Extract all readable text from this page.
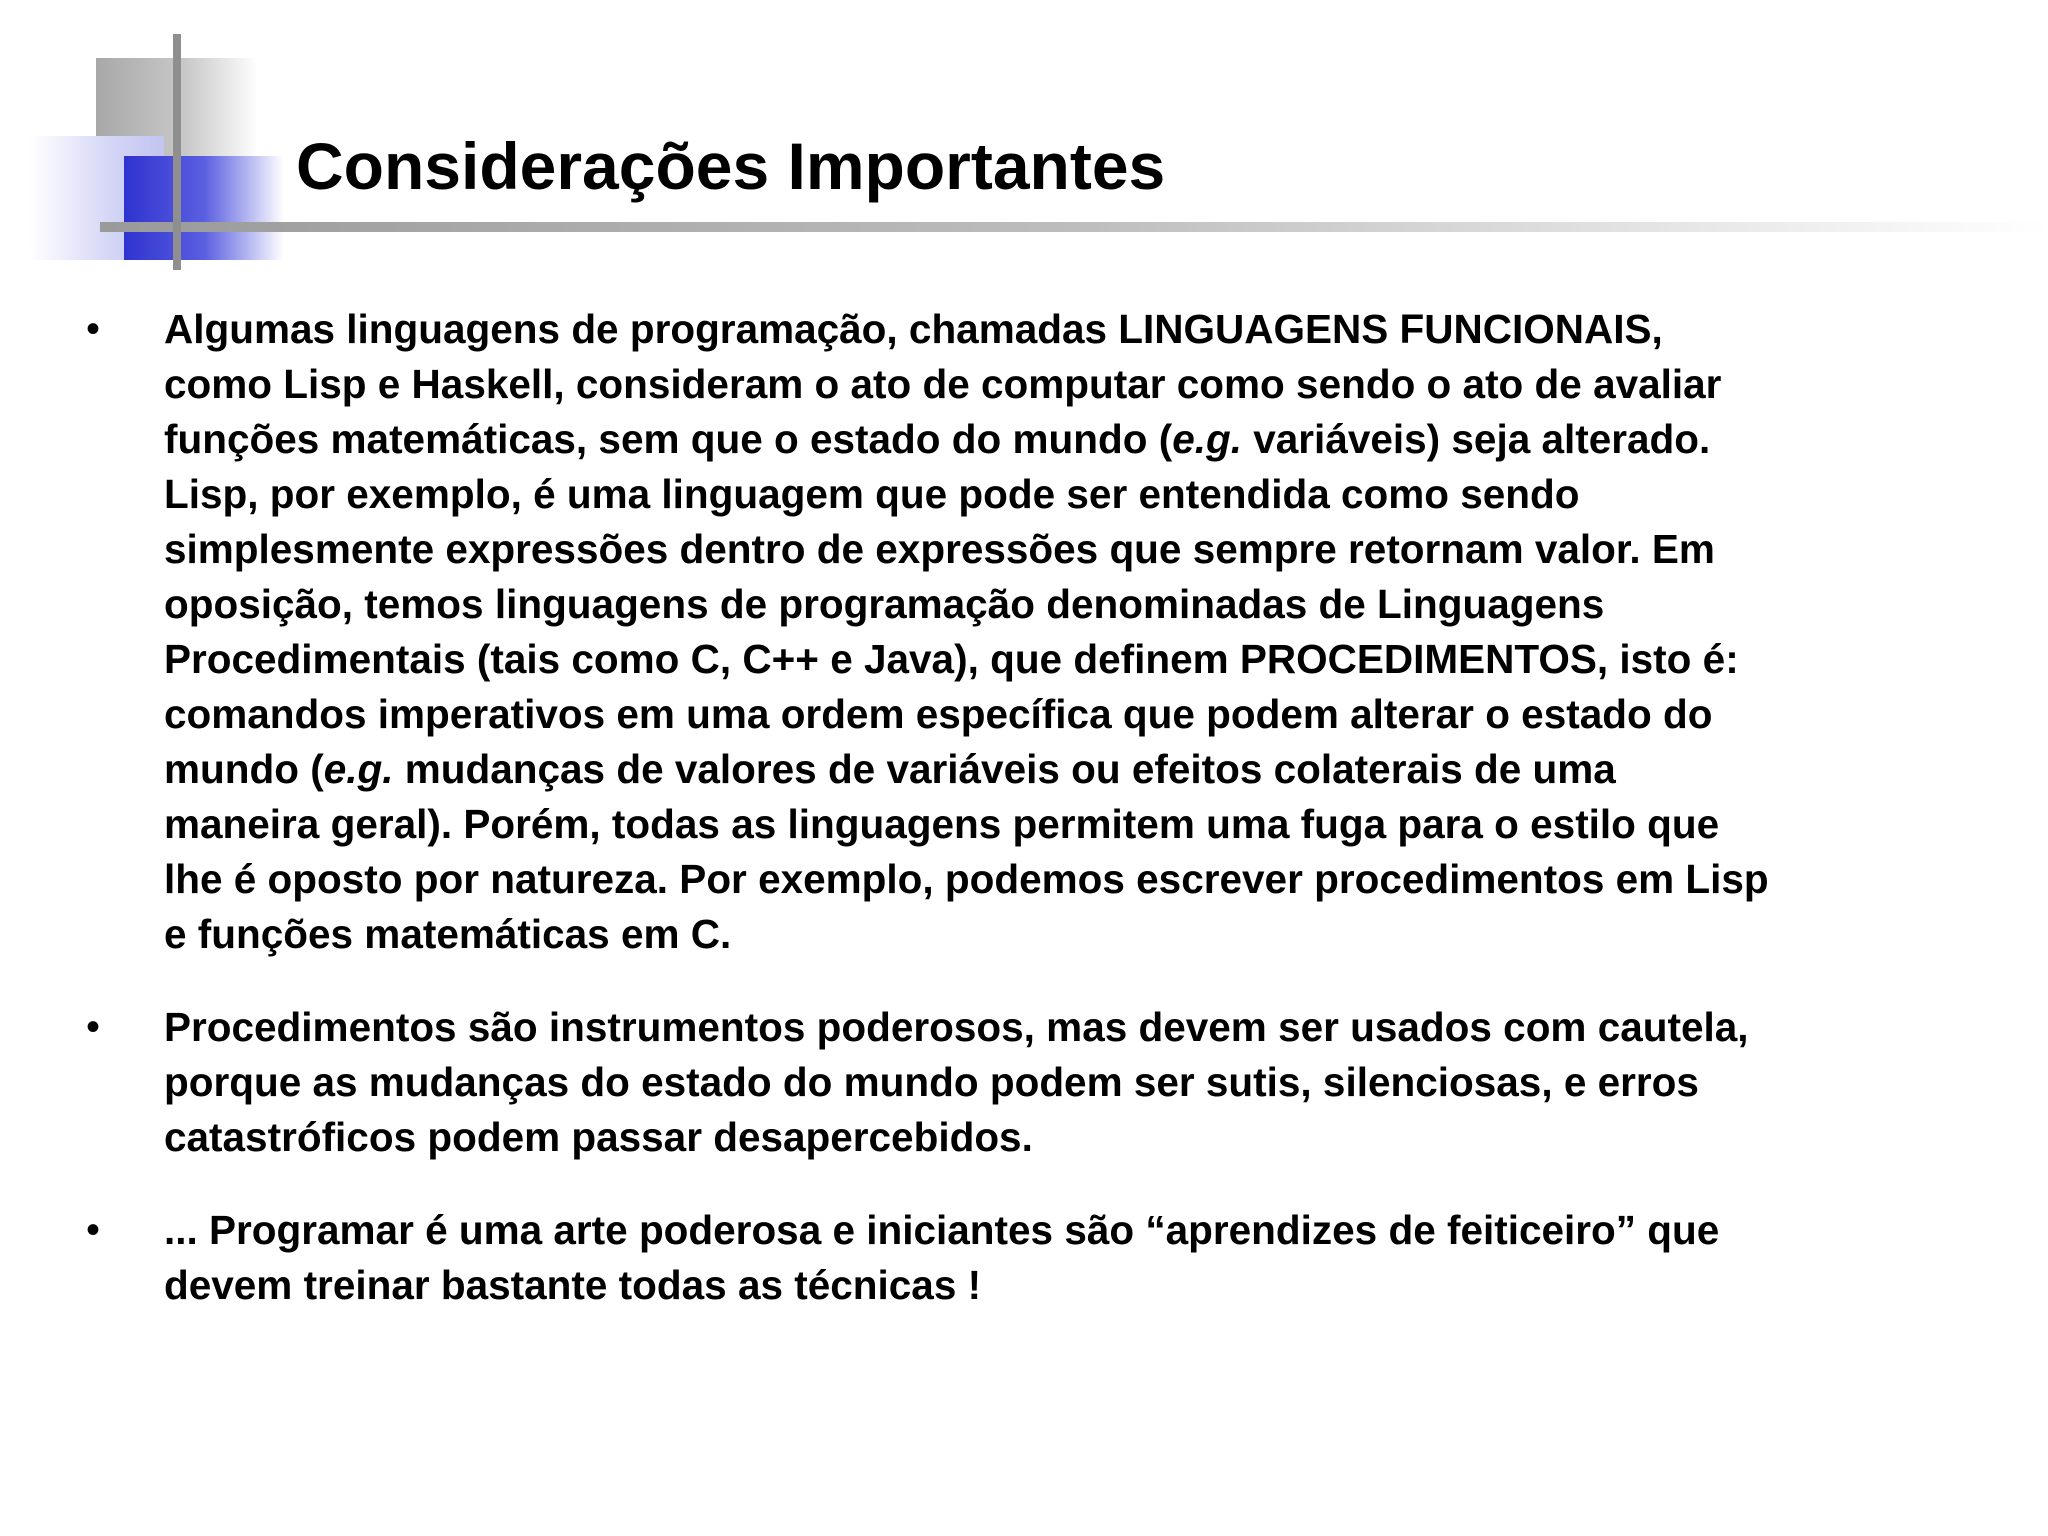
Considerações Importantes
• Algumas linguagens de programação, chamadas LINGUAGENS FUNCIONAIS,
como Lisp e Haskell, consideram o ato de computar como sendo o ato de avaliar
funções matemáticas, sem que o estado do mundo (e.g. variáveis) seja alterado.
Lisp, por exemplo, é uma linguagem que pode ser entendida como sendo
simplesmente expressões dentro de expressões que sempre retornam valor. Em
oposição, temos linguagens de programação denominadas de Linguagens
Procedimentais (tais como C, C++ e Java), que definem PROCEDIMENTOS, isto é:
comandos imperativos em uma ordem específica que podem alterar o estado do
mundo (e.g. mudanças de valores de variáveis ou efeitos colaterais de uma
maneira geral). Porém, todas as linguagens permitem uma fuga para o estilo que
lhe é oposto por natureza. Por exemplo, podemos escrever procedimentos em Lisp
e funções matemáticas em C.
• Procedimentos são instrumentos poderosos, mas devem ser usados com cautela,
porque as mudanças do estado do mundo podem ser sutis, silenciosas, e erros
catastróficos podem passar desapercebidos.
• ... Programar é uma arte poderosa e iniciantes são “aprendizes de feiticeiro” que
devem treinar bastante todas as técnicas !
